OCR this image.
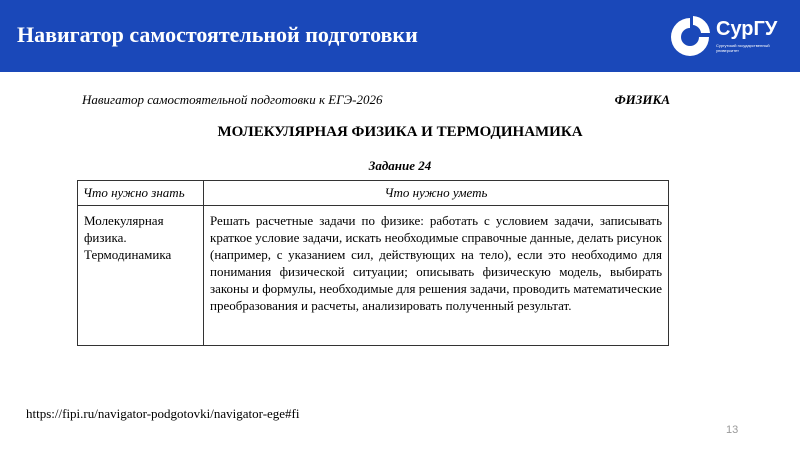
Навигатор самостоятельной подготовки	СурГУ
Сургутский государственный университет
Навигатор самостоятельной подготовки к ЕГЭ-2026	ФИЗИКА
МОЛЕКУЛЯРНАЯ ФИЗИКА И ТЕРМОДИНАМИКА
Задание 24
Что нужно знать	Что нужно уметь
Молекулярная физика. Термодинамика	Решать расчетные задачи по физике: работать с условием задачи, записывать краткое условие задачи, искать необходимые справочные данные, делать рисунок (например, с указанием сил, действующих на тело), если это необходимо для понимания физической ситуации; описывать физическую модель, выбирать законы и формулы, необходимые для решения задачи, проводить математические преобразования и расчеты, анализировать полученный результат.
https://fipi.ru/navigator-podgotovki/navigator-ege#fi
13
